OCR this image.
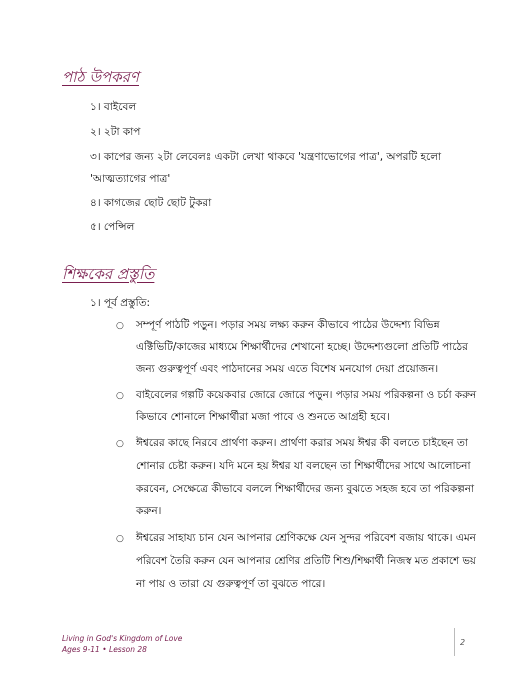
পাঠ উপকরণ
১। বাইবেল
২। ২টা কাপ
৩। কাপের জন্য ২টা লেবেলঃ একটা লেখা থাকবে 'যন্ত্রণাভোগের পাত্র', অপরটি হলো
'আত্মত্যাগের পাত্র'
৪। কাগজের ছোট ছোট টুকরা
৫। পেন্সিল
শিক্ষকের প্রস্তুতি
১। পূর্ব প্রস্তুতি:
○ সম্পূর্ণ পাঠটি পড়ুন। পড়ার সময় লক্ষ্য করুন কীভাবে পাঠের উদ্দেশ্য বিভিন্ন
এক্টিভিটি/কাজের মাধ্যমে শিক্ষার্থীদের শেখানো হচ্ছে। উদ্দেশ্যগুলো প্রতিটি পাঠের
জন্য গুরুত্বপূর্ণ এবং পাঠদানের সময় এতে বিশেষ মনযোগ দেয়া প্রয়োজন।
○ বাইবেলের গল্পটি কয়েকবার জোরে জোরে পড়ুন। পড়ার সময় পরিকল্পনা ও চর্চা করুন
কিভাবে শোনালে শিক্ষার্থীরা মজা পাবে ও শুনতে আগ্রহী হবে।
○ ঈশ্বরের কাছে নিরবে প্রার্থণা করুন। প্রার্থণা করার সময় ঈশ্বর কী বলতে চাইছেন তা
শোনার চেষ্টা করুন। যদি মনে হয় ঈশ্বর যা বলছেন তা শিক্ষার্থীদের সাথে আলোচনা
করবেন, সেক্ষেত্রে কীভাবে বললে শিক্ষার্থীদের জন্য বুঝতে সহজ হবে তা পরিকল্পনা
করুন।
○ ঈশ্বরের সাহায্য চান যেন আপনার শ্রেণিকক্ষে যেন সুন্দর পরিবেশ বজায় থাকে। এমন
পরিবেশ তৈরি করুন যেন আপনার শ্রেণির প্রতিটি শিশু/শিক্ষার্থী নিজস্ব মত প্রকাশে ভয়
না পায় ও তারা যে গুরুত্বপূর্ণ তা বুঝতে পারে।
Living in God's Kingdom of Love
Ages 9-11 • Lesson 28
2
